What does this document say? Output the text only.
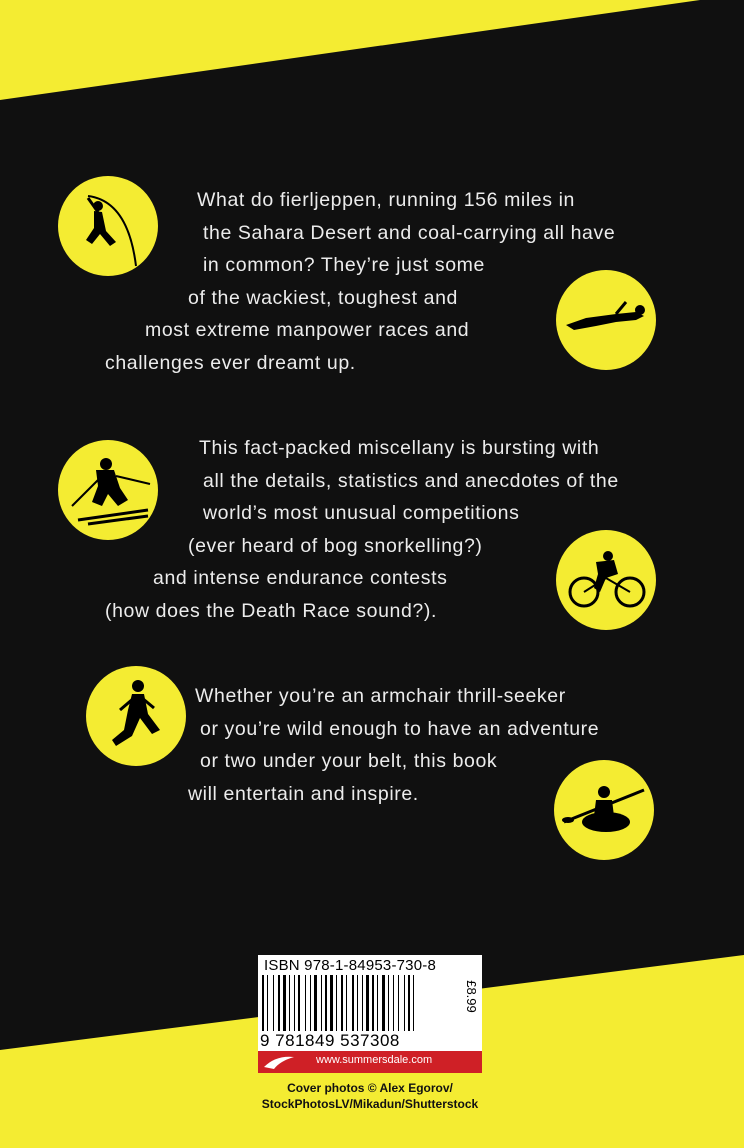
What do fierljeppen, running 156 miles in
the Sahara Desert and coal-carrying all have
in common? They’re just some
of the wackiest, toughest and
most extreme manpower races and
challenges ever dreamt up.
This fact-packed miscellany is bursting with
all the details, statistics and anecdotes of the
world’s most unusual competitions
(ever heard of bog snorkelling?)
and intense endurance contests
(how does the Death Race sound?).
Whether you’re an armchair thrill-seeker
or you’re wild enough to have an adventure
or two under your belt, this book
will entertain and inspire.
ISBN 978-1-84953-730-8
9 781849 537308
£8.99
www.summersdale.com
Cover photos © Alex Egorov/
StockPhotosLV/Mikadun/Shutterstock
